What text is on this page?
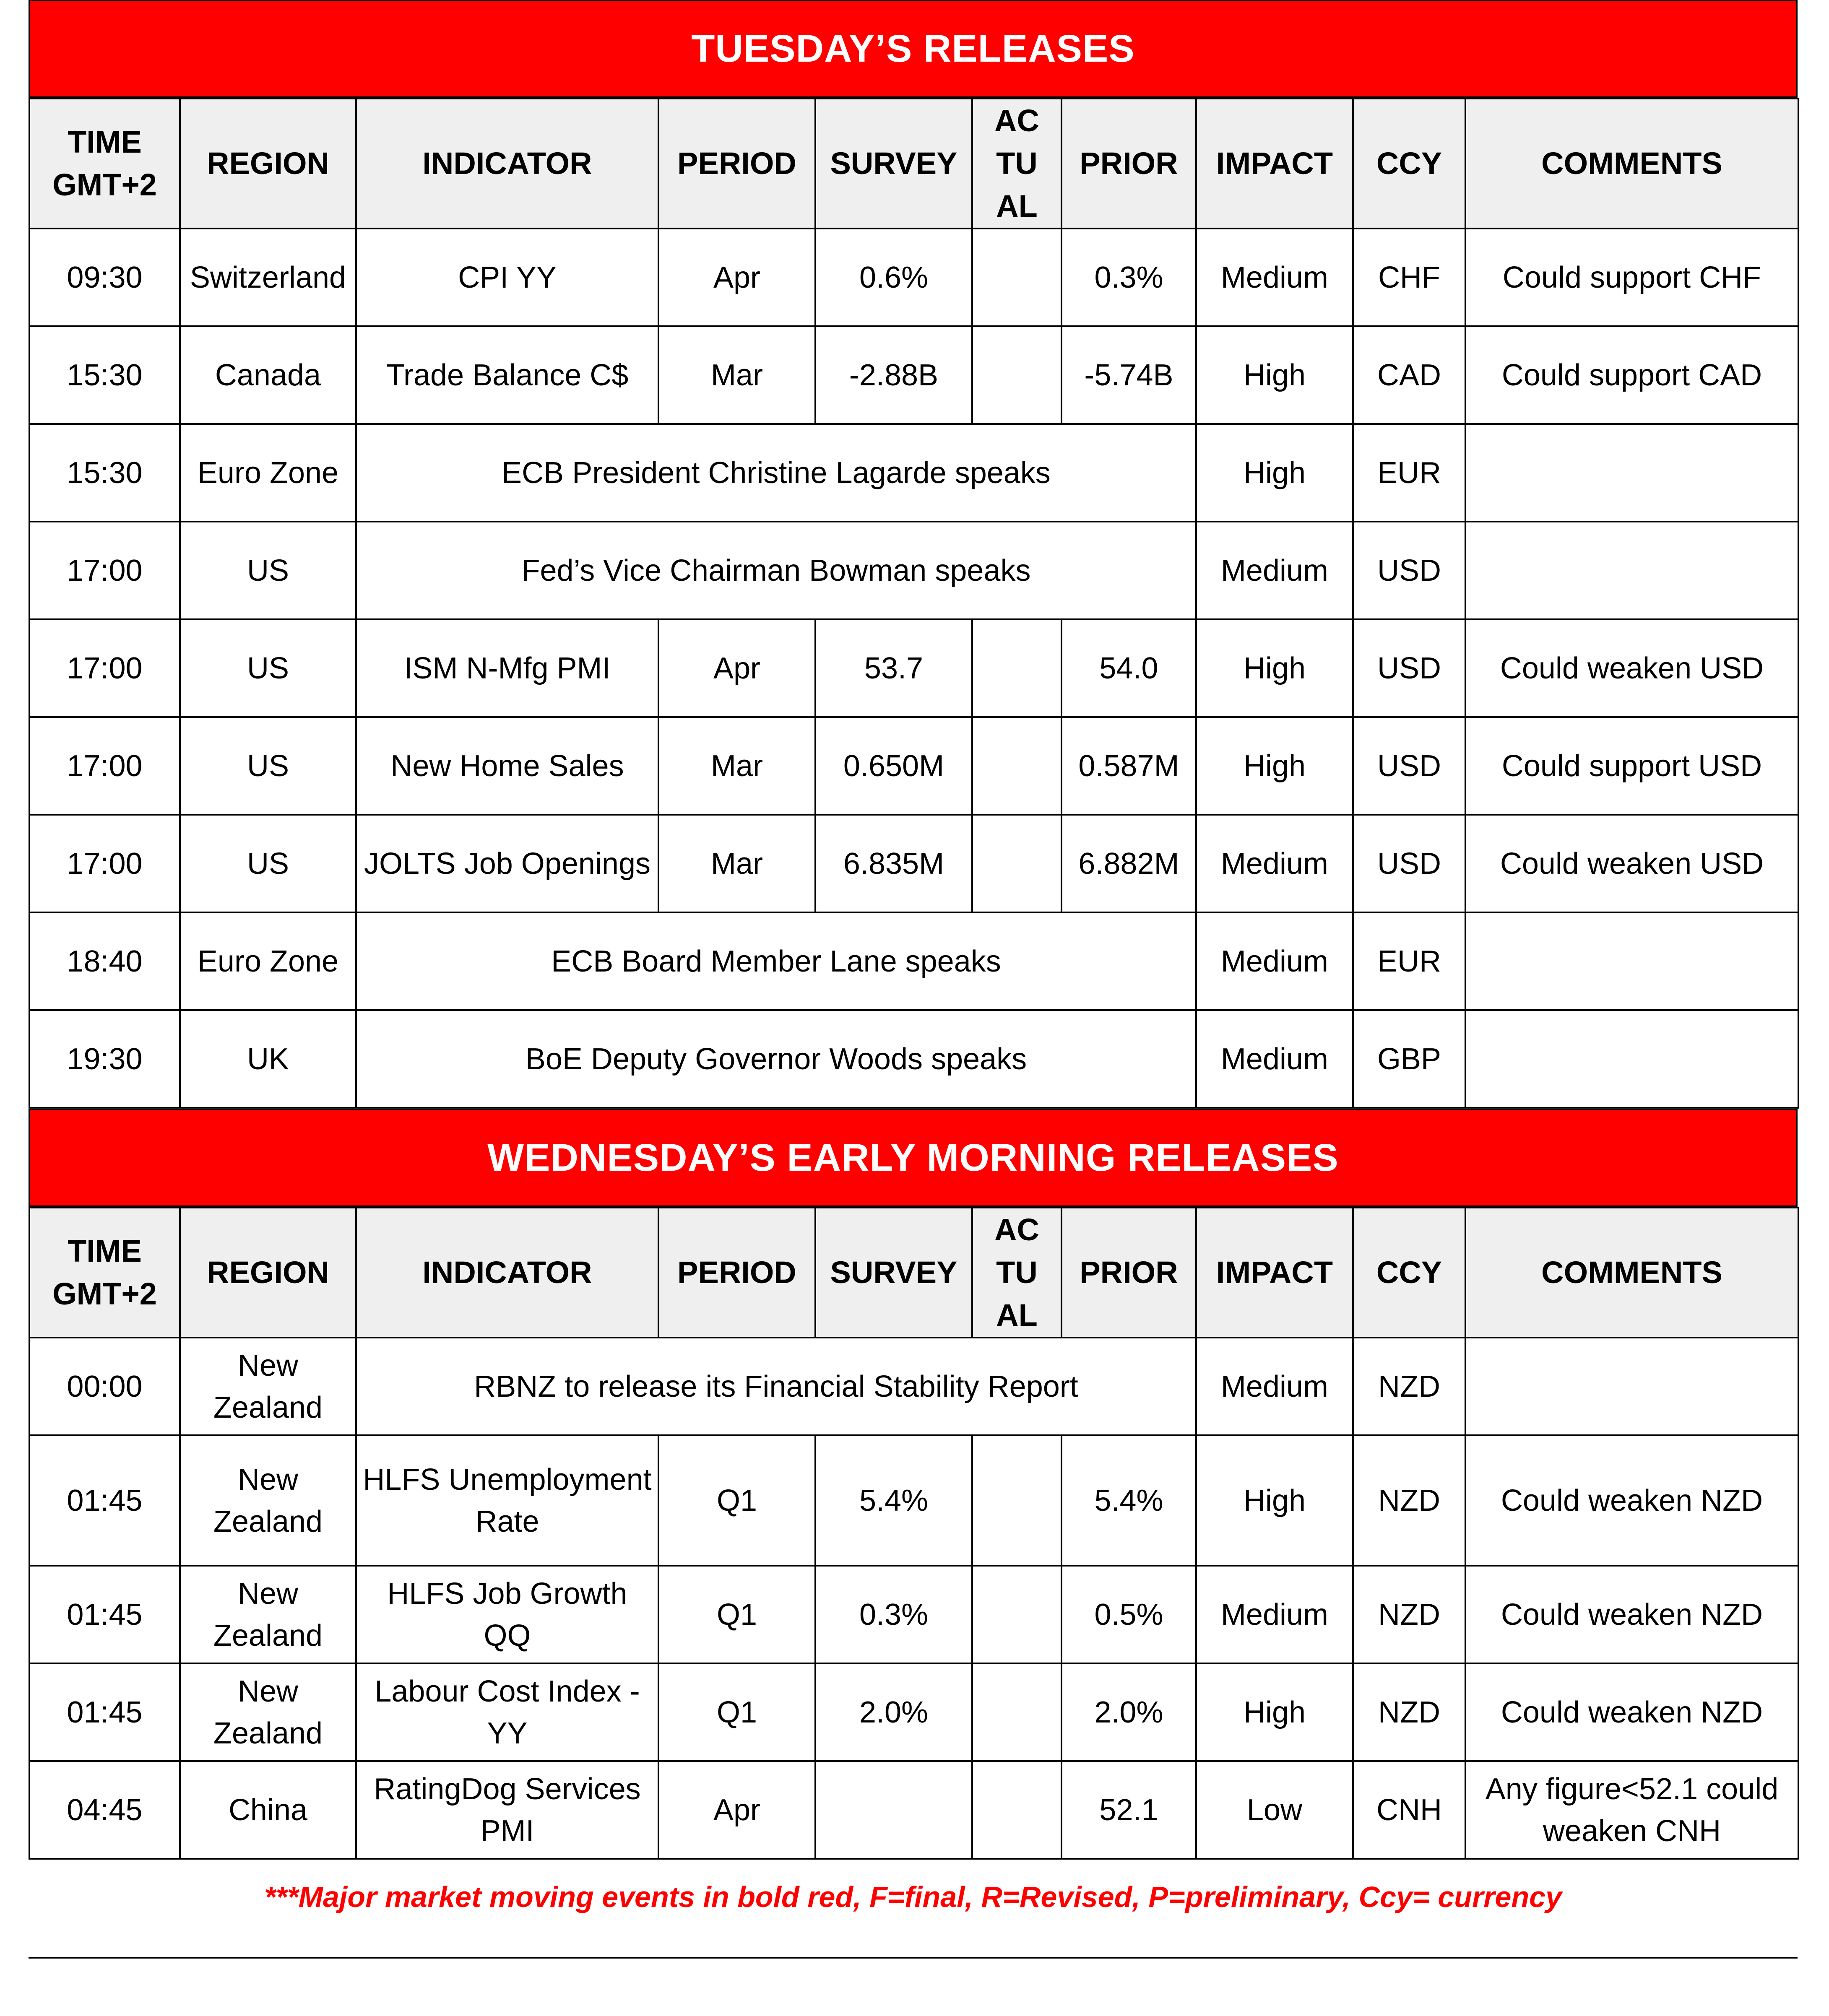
TUESDAY’S RELEASES
TIME GMT+2	REGION	INDICATOR	PERIOD	SURVEY	AC TU AL	PRIOR	IMPACT	CCY	COMMENTS
09:30	Switzerland	CPI YY	Apr	0.6%		0.3%	Medium	CHF	Could support CHF
15:30	Canada	Trade Balance C$	Mar	-2.88B		-5.74B	High	CAD	Could support CAD
15:30	Euro Zone	ECB President Christine Lagarde speaks					High	EUR	
17:00	US	Fed’s Vice Chairman Bowman speaks					Medium	USD	
17:00	US	ISM N-Mfg PMI	Apr	53.7		54.0	High	USD	Could weaken USD
17:00	US	New Home Sales	Mar	0.650M		0.587M	High	USD	Could support USD
17:00	US	JOLTS Job Openings	Mar	6.835M		6.882M	Medium	USD	Could weaken USD
18:40	Euro Zone	ECB Board Member Lane speaks					Medium	EUR	
19:30	UK	BoE Deputy Governor Woods speaks					Medium	GBP	
WEDNESDAY’S EARLY MORNING RELEASES
TIME GMT+2	REGION	INDICATOR	PERIOD	SURVEY	AC TU AL	PRIOR	IMPACT	CCY	COMMENTS
00:00	New Zealand	RBNZ to release its Financial Stability Report					Medium	NZD	
01:45	New Zealand	HLFS Unemployment Rate	Q1	5.4%		5.4%	High	NZD	Could weaken NZD
01:45	New Zealand	HLFS Job Growth QQ	Q1	0.3%		0.5%	Medium	NZD	Could weaken NZD
01:45	New Zealand	Labour Cost Index - YY	Q1	2.0%		2.0%	High	NZD	Could weaken NZD
04:45	China	RatingDog Services PMI	Apr			52.1	Low	CNH	Any figure<52.1 could weaken CNH
***Major market moving events in bold red, F=final, R=Revised, P=preliminary, Ccy= currency
